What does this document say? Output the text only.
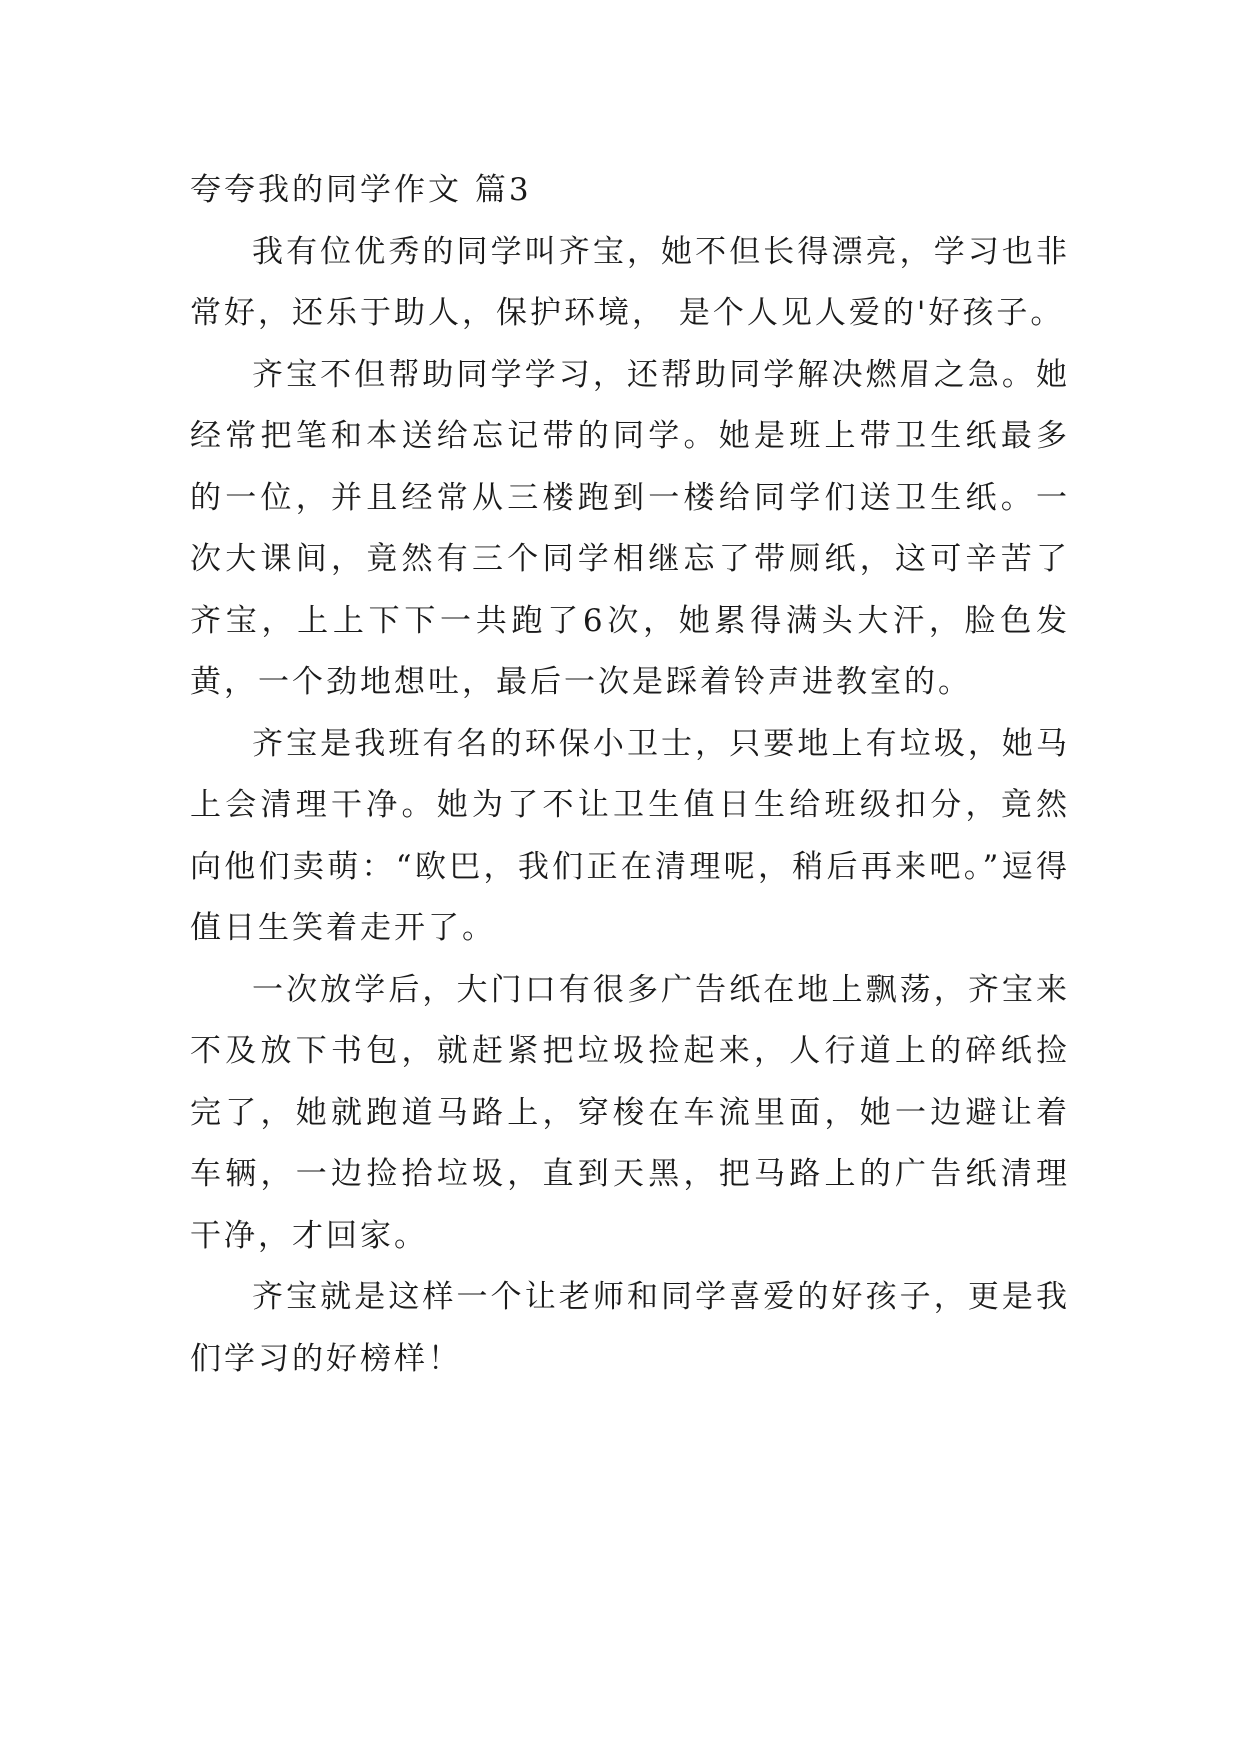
夸夸我的同学作文 篇3

我有位优秀的同学叫齐宝，她不但长得漂亮，学习也非常好，还乐于助人，保护环境， 是个人见人爱的'好孩子。

齐宝不但帮助同学学习，还帮助同学解决燃眉之急。她经常把笔和本送给忘记带的同学。她是班上带卫生纸最多的一位，并且经常从三楼跑到一楼给同学们送卫生纸。一次大课间，竟然有三个同学相继忘了带厕纸，这可辛苦了齐宝，上上下下一共跑了6次，她累得满头大汗，脸色发黄，一个劲地想吐，最后一次是踩着铃声进教室的。

齐宝是我班有名的环保小卫士，只要地上有垃圾，她马上会清理干净。她为了不让卫生值日生给班级扣分，竟然向他们卖萌：“欧巴，我们正在清理呢，稍后再来吧。”逗得值日生笑着走开了。

一次放学后，大门口有很多广告纸在地上飘荡，齐宝来不及放下书包，就赶紧把垃圾捡起来，人行道上的碎纸捡完了，她就跑道马路上，穿梭在车流里面，她一边避让着车辆，一边捡拾垃圾，直到天黑，把马路上的广告纸清理干净，才回家。

齐宝就是这样一个让老师和同学喜爱的好孩子，更是我们学习的好榜样！
